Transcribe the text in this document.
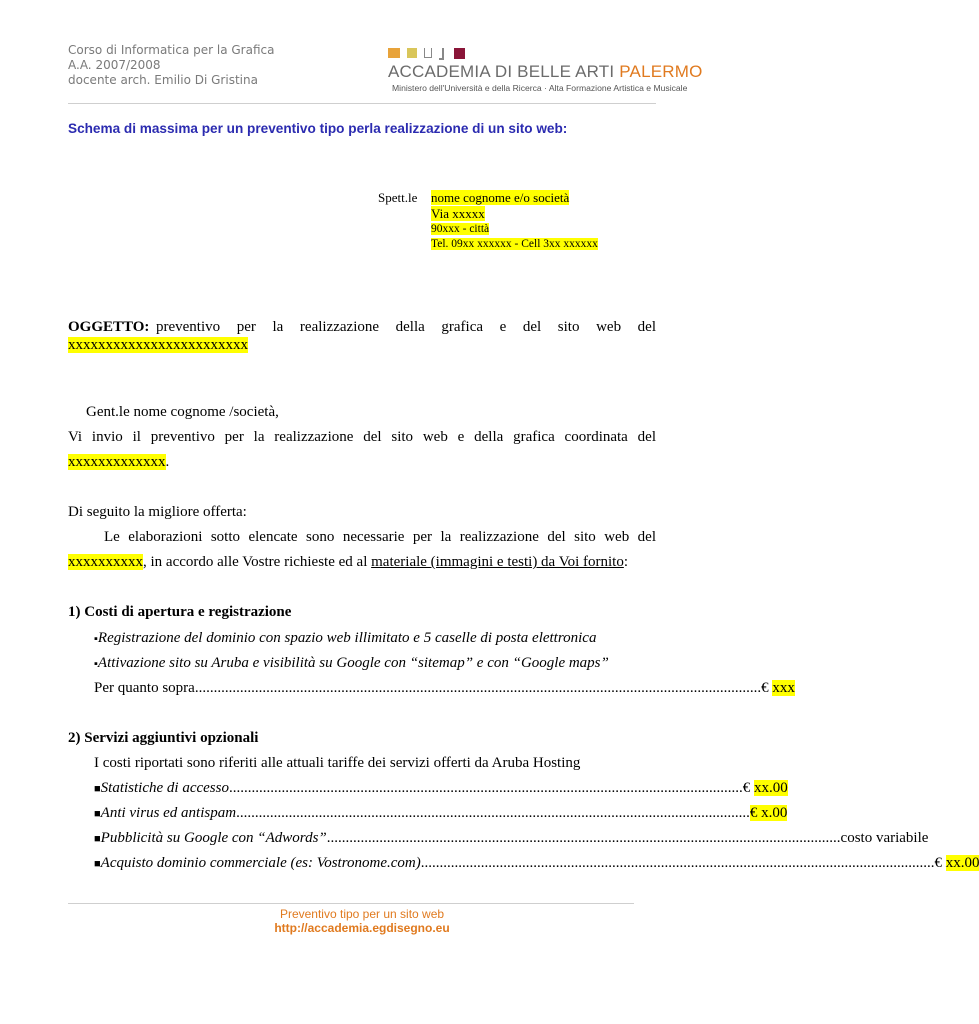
Corso di Informatica per la Grafica
A.A. 2007/2008
docente arch. Emilio Di Gristina
	ACCADEMIA DI BELLE ARTI PALERMO
Ministero dell'Università e della Ricerca · Alta Formazione Artistica e Musicale
Schema di massima per un preventivo tipo perla realizzazione di un sito web:
Spett.le nome cognome e/o società
Via xxxxx
90xxx - città
Tel. 09xx xxxxxx - Cell 3xx xxxxxx
OGGETTO: preventivo per la realizzazione della grafica e del sito web del
xxxxxxxxxxxxxxxxxxxxxxxx
Gent.le nome cognome /società,
Vi invio il preventivo per la realizzazione del sito web e della grafica coordinata del
xxxxxxxxxxxxx.
Di seguito la migliore offerta:
Le elaborazioni sotto elencate sono necessarie per la realizzazione del sito web del
xxxxxxxxxx, in accordo alle Vostre richieste ed al materiale (immagini e testi) da Voi fornito:
1) Costi di apertura e registrazione
▪Registrazione del dominio con spazio web illimitato e 5 caselle di posta elettronica
▪Attivazione sito su Aruba e visibilità su Google con “sitemap” e con “Google maps”
Per quanto sopra ....................................................................................................................................................... € xxx
2) Servizi aggiuntivi opzionali
I costi riportati sono riferiti alle attuali tariffe dei servizi offerti da Aruba Hosting
■ Statistiche di accesso ......................................................................................................................................... € xx.00
■ Anti virus ed antispam ......................................................................................................................................... € x.00
■ Pubblicità su Google con “Adwords” ......................................................................................................................................... costo variabile
■ Acquisto dominio commerciale (es: Vostronome.com) ......................................................................................................................................... € xx.00
Preventivo tipo per un sito web
http://accademia.egdisegno.eu
